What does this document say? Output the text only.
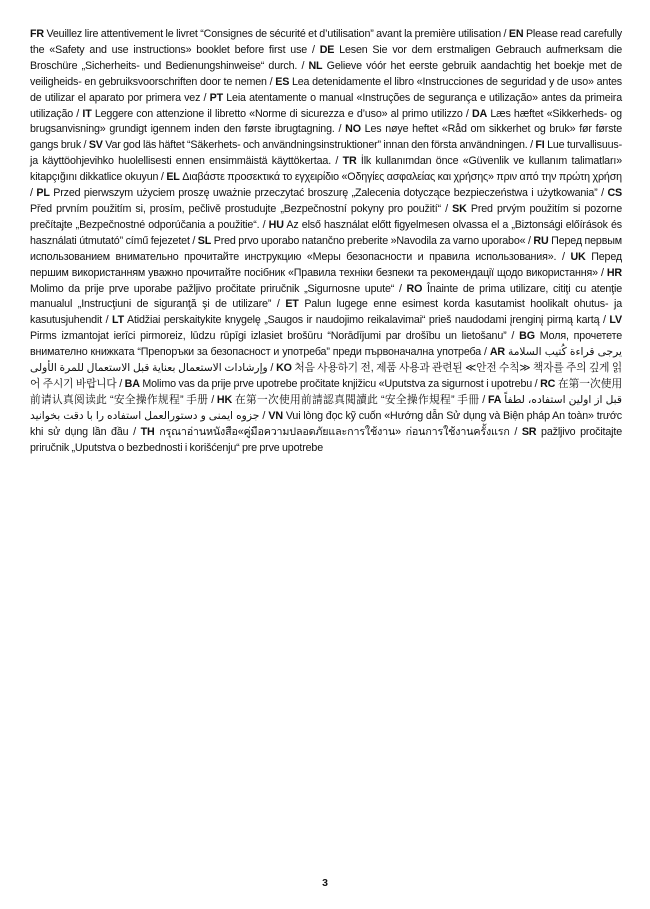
FR Veuillez lire attentivement le livret “Consignes de sécurité et d’utilisation” avant la première utilisation / EN Please read carefully the «Safety and use instructions» booklet before first use / DE Lesen Sie vor dem erstmaligen Gebrauch aufmerksam die Broschüre „Sicherheits- und Bedienungshinweise“ durch. / NL Gelieve vóór het eerste gebruik aandachtig het boekje met de veiligheids- en gebruiksvoorschriften door te nemen / ES Lea detenidamente el libro «Instrucciones de seguridad y de uso» antes de utilizar el aparato por primera vez / PT Leia atentamente o manual «Instruções de segurança e utilização» antes da primeira utilização / IT Leggere con attenzione il libretto «Norme di sicurezza e d’uso» al primo utilizzo / DA Læs hæftet «Sikkerheds- og brugsanvisning» grundigt igennem inden den første ibrugtagning. / NO Les nøye heftet «Råd om sikkerhet og bruk» før første gangs bruk / SV Var god läs häftet “Säkerhets- och användningsinstruktioner” innan den första användningen. / FI Lue turvallisuus- ja käyttöohjevihko huolellisesti ennen ensimmäistä käyttökertaa. / TR İlk kullanımdan önce «Güvenlik ve kullanım talimatları» kitapçığını dikkatlice okuyun / EL Διαβάστε προσεκτικά το εγχειρίδιο «Οδηγίες ασφαλείας και χρήσης» πριν από την πρώτη χρήση / PL Przed pierwszym użyciem proszę uważnie przeczytać broszurę „Zalecenia dotyczące bezpieczeństwa i użytkowania” / CS Před prvním použitím si, prosím, pečlivě prostudujte „Bezpečnostní pokyny pro použití“ / SK Pred prvým použitím si pozorne prečítajte „Bezpečnostné odporúčania a použitie“. / HU Az első használat előtt figyelmesen olvassa el a „Biztonsági előírások és használati útmutató” című fejezetet / SL Pred prvo uporabo natančno preberite »Navodila za varno uporabo« / RU Перед первым использованием внимательно прочитайте инструкцию «Меры безопасности и правила использования». / UK Перед першим використанням уважно прочитайте посібник «Правила техніки безпеки та рекомендації щодо використання» / HR Molimo da prije prve uporabe pažljivo pročitate priručnik „Sigurnosne upute“ / RO Înainte de prima utilizare, citiţi cu atenţie manualul „Instrucţiuni de siguranţă şi de utilizare” / ET Palun lugege enne esimest korda kasutamist hoolikalt ohutus- ja kasutusjuhendit / LT Atidžiai perskaitykite knygelę „Saugos ir naudojimo reikalavimai“ prieš naudodami įrenginį pirmą kartą / LV Pirms izmantojat ierīci pirmoreiz, lūdzu rūpīgi izlasiet brošūru “Norādījumi par drošību un lietošanu” / BG Моля, прочетете внимателно книжката “Препоръки за безопасност и употреба” преди първоначална употреба / AR يرجى قراءة كُتيب السلامة وإرشادات الاستعمال بعناية قبل الاستعمال للمرة الأولى / KO 처음 사용하기 전, 제품 사용과 관련된 ≪안전 수칙≫ 책자를 주의 깊게 읽어 주시기 바랍니다 / BA Molimo vas da prije prve upotrebe pročitate knjižicu «Uputstva za sigurnost i upotrebu / RC 在第一次使用前请认真阅读此 “安全操作规程” 手册 / HK 在第一次使用前請認真閱讀此 “安全操作規程” 手冊 / FA قبل از اولین استفاده، لطفاً جزوه ایمنی و دستورالعمل استفاده را با دقت بخوانید / VN Vui lòng đọc kỹ cuốn «Hướng dẫn Sử dụng và Biện pháp An toàn» trước khi sử dụng lần đầu / TH กรุณาอ่านหนังสือ«คู่มือความปลอดภัยและการใช้งาน» ก่อนการใช้งานครั้งแรก / SR pažljivo pročitajte priručnik „Uputstva o bezbednosti i korišćenju“ pre prve upotrebe

3
